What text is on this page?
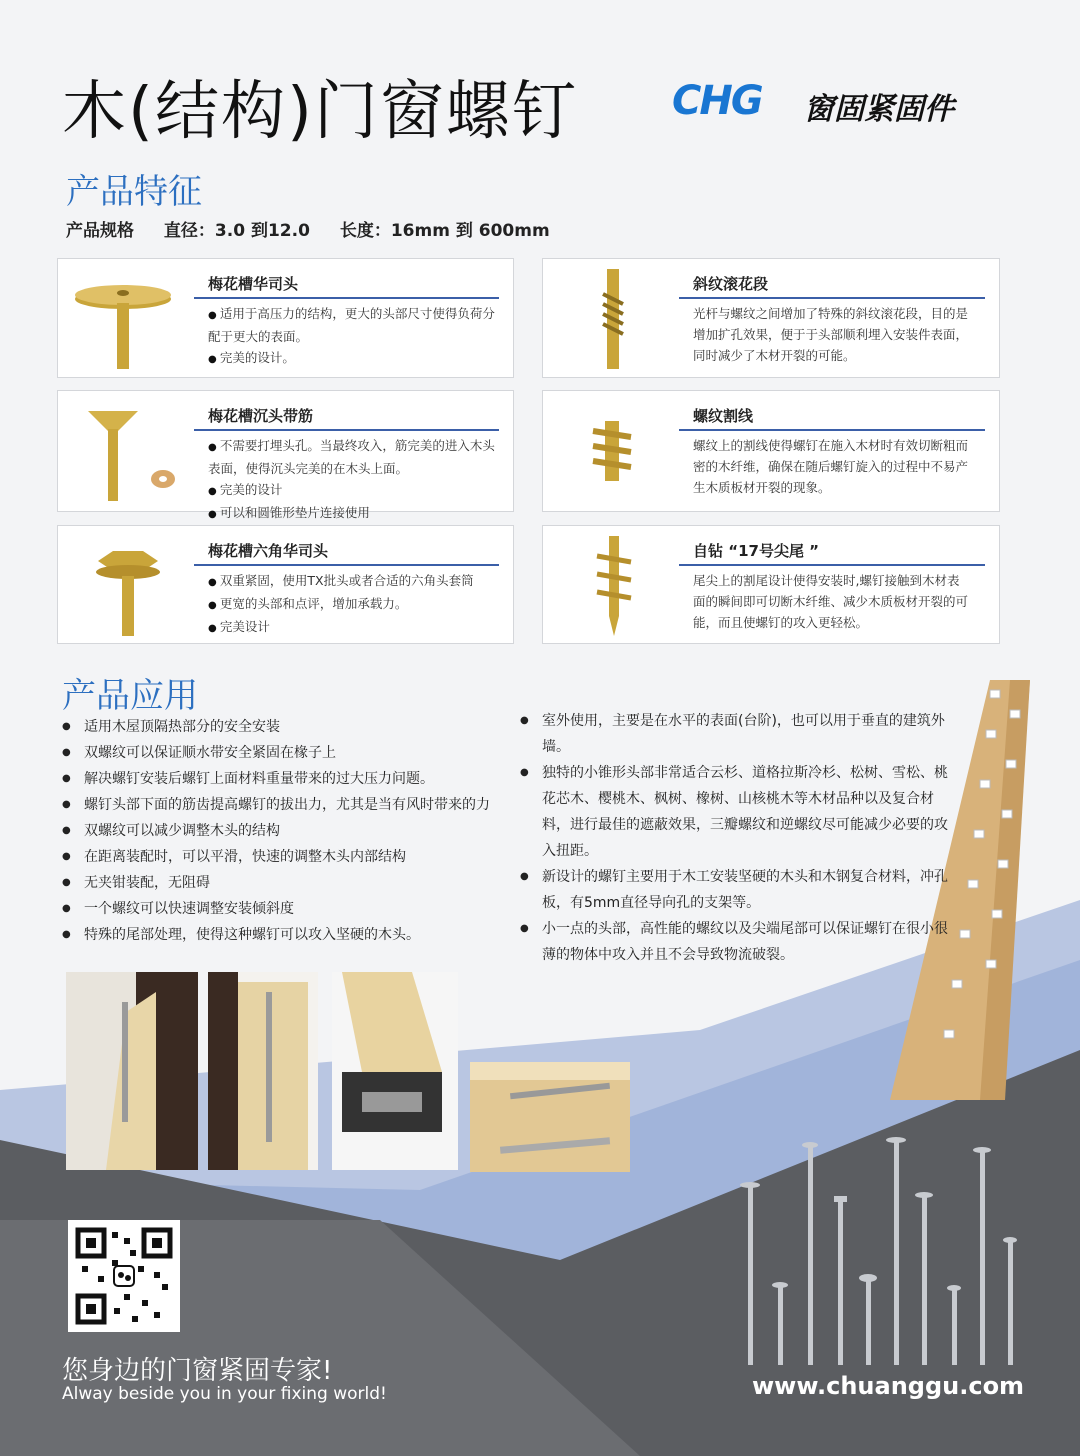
木(结构)门窗螺钉 CHG 窗固紧固件
产品特征
产品规格 直径：3.0 到12.0 长度：16mm 到 600mm
梅花槽华司头
● 适用于高压力的结构，更大的头部尺寸使得负荷分配于更大的表面。
● 完美的设计。
斜纹滚花段
光杆与螺纹之间增加了特殊的斜纹滚花段，目的是增加扩孔效果，便于于头部顺利埋入安装件表面，同时减少了木材开裂的可能。
梅花槽沉头带筋
● 不需要打埋头孔。当最终攻入，筋完美的进入木头表面，使得沉头完美的在木头上面。
● 完美的设计
● 可以和圆锥形垫片连接使用
螺纹割线
螺纹上的割线使得螺钉在施入木材时有效切断粗而密的木纤维，确保在随后螺钉旋入的过程中不易产生木质板材开裂的现象。
梅花槽六角华司头
● 双重紧固，使用TX批头或者合适的六角头套筒
● 更宽的头部和点评，增加承载力。
● 完美设计
自钻 “17号尖尾 ”
尾尖上的割尾设计使得安装时,螺钉接触到木材表面的瞬间即可切断木纤维、减少木质板材开裂的可能，而且使螺钉的攻入更轻松。
产品应用
● 适用木屋顶隔热部分的安全安装
● 双螺纹可以保证顺水带安全紧固在椽子上
● 解决螺钉安装后螺钉上面材料重量带来的过大压力问题。
● 螺钉头部下面的筋齿提高螺钉的拔出力，尤其是当有风时带来的力
● 双螺纹可以减少调整木头的结构
● 在距离装配时，可以平滑，快速的调整木头内部结构
● 无夹钳装配，无阻碍
● 一个螺纹可以快速调整安装倾斜度
● 特殊的尾部处理，使得这种螺钉可以攻入坚硬的木头。
● 室外使用，主要是在水平的表面(台阶)，也可以用于垂直的建筑外墙。
● 独特的小锥形头部非常适合云杉、道格拉斯冷杉、松树、雪松、桃花芯木、樱桃木、枫树、橡树、山核桃木等木材品种以及复合材料，进行最佳的遮蔽效果，三瓣螺纹和逆螺纹尽可能减少必要的攻入扭距。
● 新设计的螺钉主要用于木工安装坚硬的木头和木钢复合材料，冲孔板，有5mm直径导向孔的支架等。
● 小一点的头部，高性能的螺纹以及尖端尾部可以保证螺钉在很小很薄的物体中攻入并且不会导致物流破裂。
您身边的门窗紧固专家!
Alway beside you in your fixing world!	www.chuanggu.com
